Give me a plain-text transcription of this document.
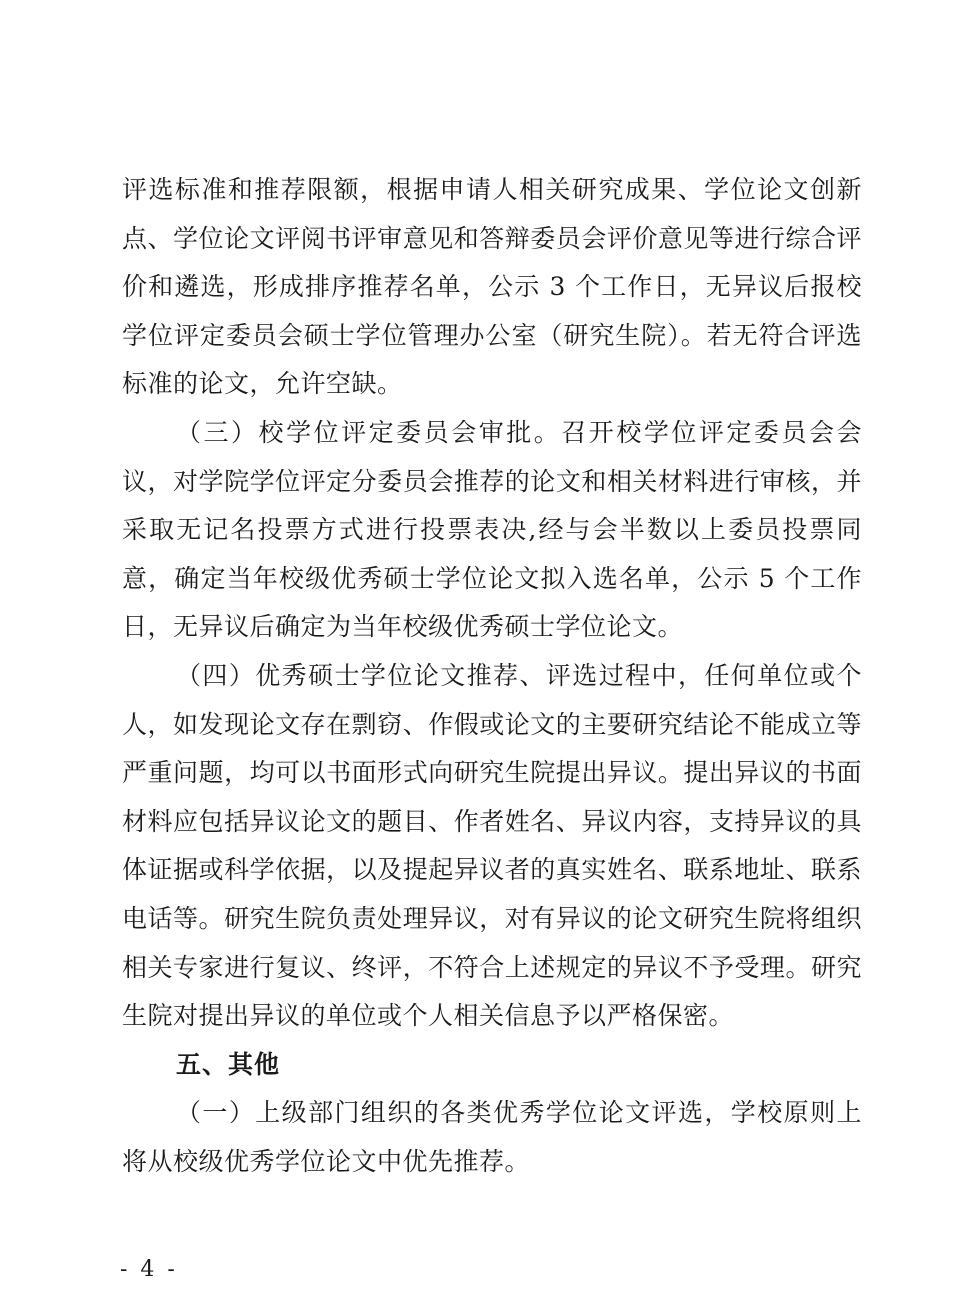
评选标准和推荐限额，根据申请人相关研究成果、学位论文创新点、学位论文评阅书评审意见和答辩委员会评价意见等进行综合评价和遴选，形成排序推荐名单，公示 3 个工作日，无异议后报校学位评定委员会硕士学位管理办公室（研究生院）。若无符合评选标准的论文，允许空缺。

（三）校学位评定委员会审批。召开校学位评定委员会会议，对学院学位评定分委员会推荐的论文和相关材料进行审核，并采取无记名投票方式进行投票表决,经与会半数以上委员投票同意，确定当年校级优秀硕士学位论文拟入选名单，公示 5 个工作日，无异议后确定为当年校级优秀硕士学位论文。

（四）优秀硕士学位论文推荐、评选过程中，任何单位或个人，如发现论文存在剽窃、作假或论文的主要研究结论不能成立等严重问题，均可以书面形式向研究生院提出异议。提出异议的书面材料应包括异议论文的题目、作者姓名、异议内容，支持异议的具体证据或科学依据，以及提起异议者的真实姓名、联系地址、联系电话等。研究生院负责处理异议，对有异议的论文研究生院将组织相关专家进行复议、终评，不符合上述规定的异议不予受理。研究生院对提出异议的单位或个人相关信息予以严格保密。

五、其他

（一）上级部门组织的各类优秀学位论文评选，学校原则上将从校级优秀学位论文中优先推荐。

- 4 -
